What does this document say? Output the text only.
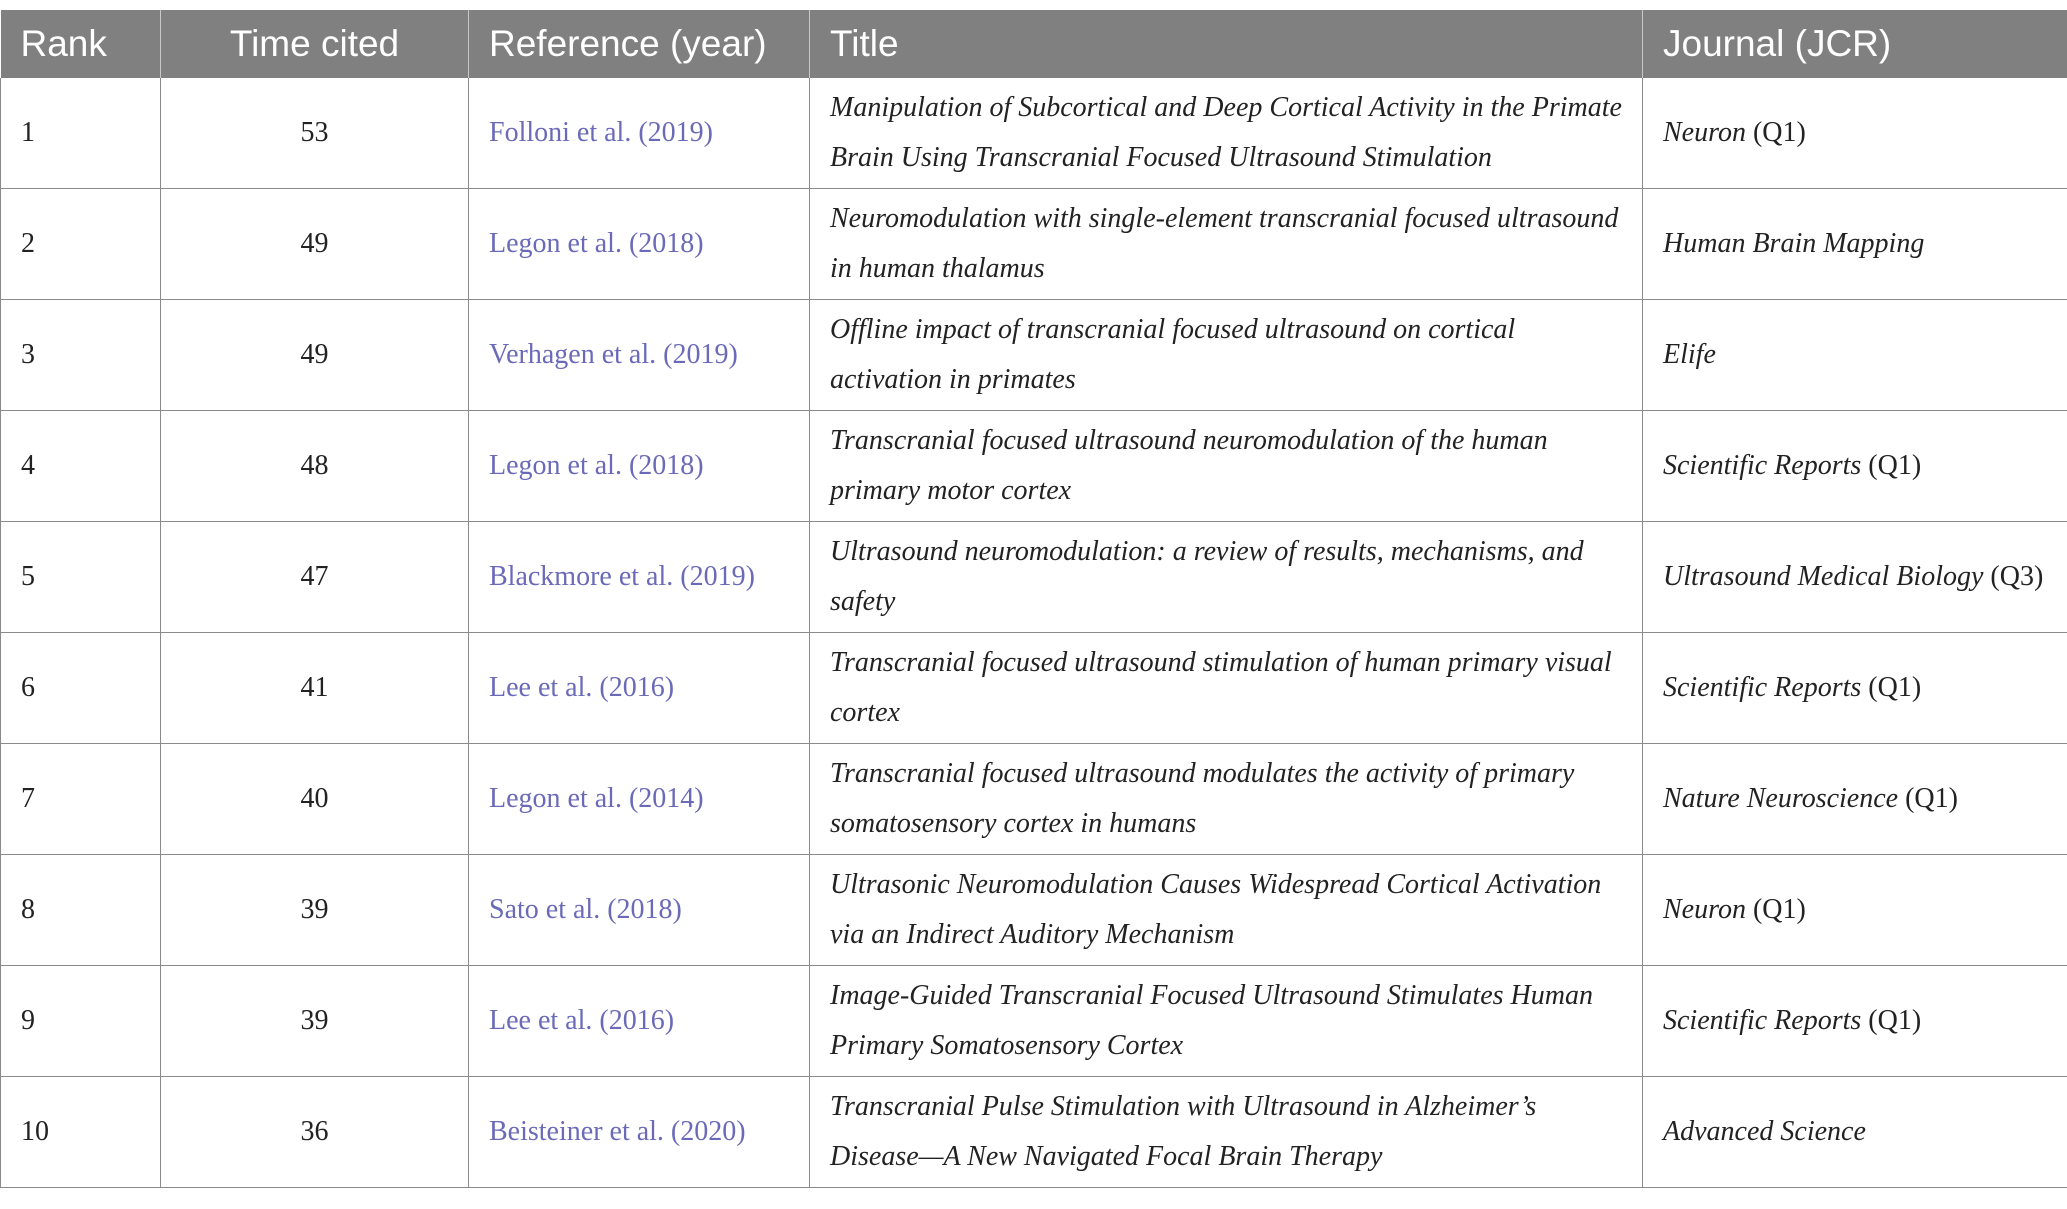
Rank	Time cited	Reference (year)	Title	Journal (JCR)
1	53	Folloni et al. (2019)	Manipulation of Subcortical and Deep Cortical Activity in the Primate Brain Using Transcranial Focused Ultrasound Stimulation	Neuron (Q1)
2	49	Legon et al. (2018)	Neuromodulation with single-element transcranial focused ultrasound in human thalamus	Human Brain Mapping
3	49	Verhagen et al. (2019)	Offline impact of transcranial focused ultrasound on cortical activation in primates	Elife
4	48	Legon et al. (2018)	Transcranial focused ultrasound neuromodulation of the human primary motor cortex	Scientific Reports (Q1)
5	47	Blackmore et al. (2019)	Ultrasound neuromodulation: a review of results, mechanisms, and safety	Ultrasound Medical Biology (Q3)
6	41	Lee et al. (2016)	Transcranial focused ultrasound stimulation of human primary visual cortex	Scientific Reports (Q1)
7	40	Legon et al. (2014)	Transcranial focused ultrasound modulates the activity of primary somatosensory cortex in humans	Nature Neuroscience (Q1)
8	39	Sato et al. (2018)	Ultrasonic Neuromodulation Causes Widespread Cortical Activation via an Indirect Auditory Mechanism	Neuron (Q1)
9	39	Lee et al. (2016)	Image-Guided Transcranial Focused Ultrasound Stimulates Human Primary Somatosensory Cortex	Scientific Reports (Q1)
10	36	Beisteiner et al. (2020)	Transcranial Pulse Stimulation with Ultrasound in Alzheimer’s Disease—A New Navigated Focal Brain Therapy	Advanced Science
